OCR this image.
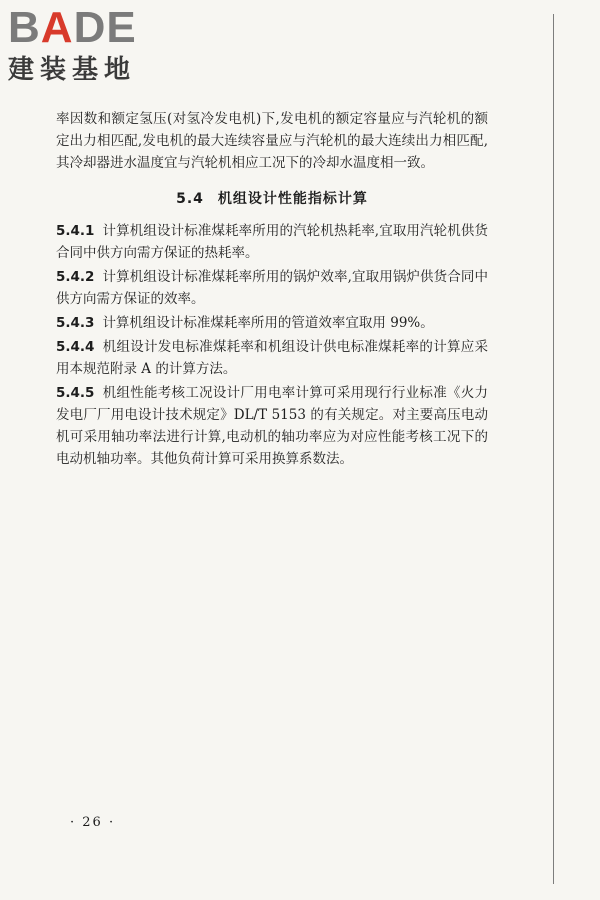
BADE
建装基地

率因数和额定氢压(对氢冷发电机)下,发电机的额定容量应与汽轮机的额定出力相匹配,发电机的最大连续容量应与汽轮机的最大连续出力相匹配,其冷却器进水温度宜与汽轮机相应工况下的冷却水温度相一致。

5.4 机组设计性能指标计算

5.4.1 计算机组设计标准煤耗率所用的汽轮机热耗率,宜取用汽轮机供货合同中供方向需方保证的热耗率。

5.4.2 计算机组设计标准煤耗率所用的锅炉效率,宜取用锅炉供货合同中供方向需方保证的效率。

5.4.3 计算机组设计标准煤耗率所用的管道效率宜取用 99%。

5.4.4 机组设计发电标准煤耗率和机组设计供电标准煤耗率的计算应采用本规范附录 A 的计算方法。

5.4.5 机组性能考核工况设计厂用电率计算可采用现行行业标准《火力发电厂厂用电设计技术规定》DL/T 5153 的有关规定。对主要高压电动机可采用轴功率法进行计算,电动机的轴功率应为对应性能考核工况下的电动机轴功率。其他负荷计算可采用换算系数法。

· 26 ·
